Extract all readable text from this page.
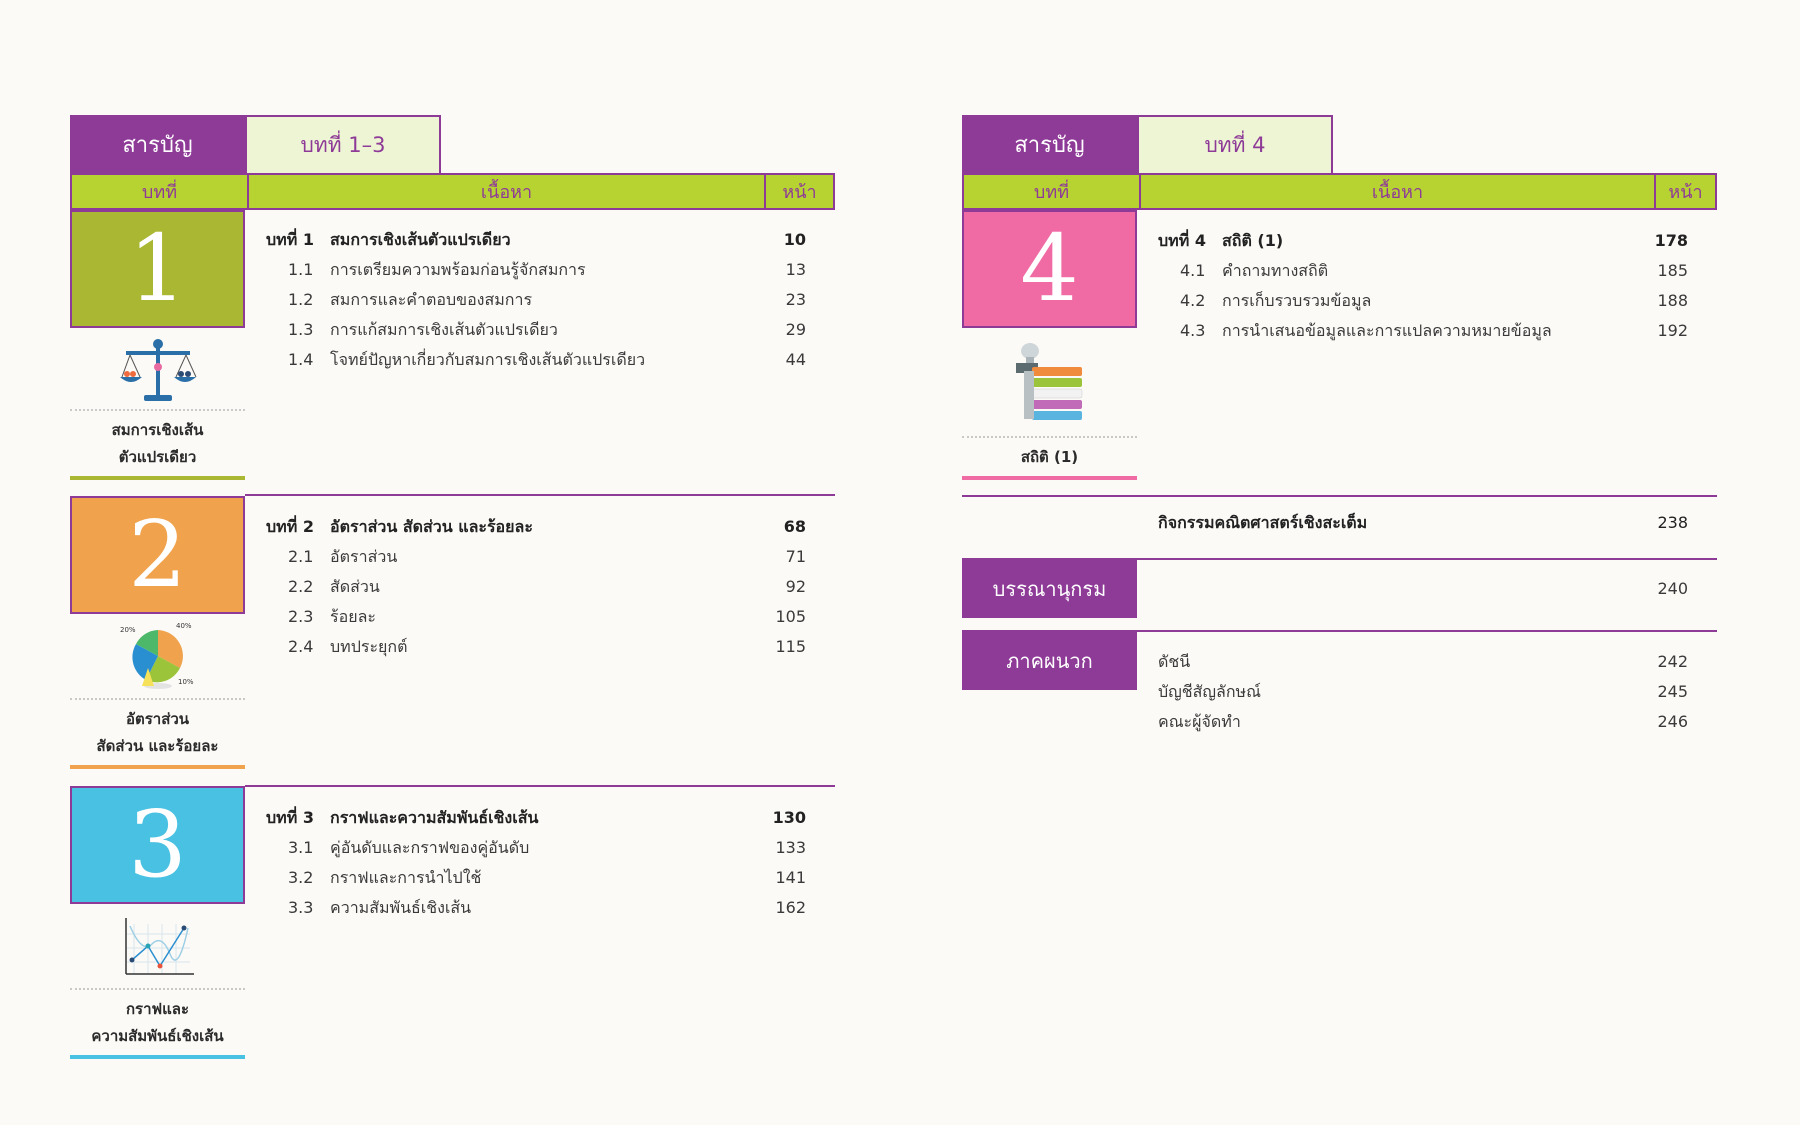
สารบัญ	บทที่ 1–3
บทที่	เนื้อหา	หน้า
1
สมการเชิงเส้น
ตัวแปรเดียว
บทที่ 1 สมการเชิงเส้นตัวแปรเดียว	10
1.1 การเตรียมความพร้อมก่อนรู้จักสมการ	13
1.2 สมการและคำตอบของสมการ	23
1.3 การแก้สมการเชิงเส้นตัวแปรเดียว	29
1.4 โจทย์ปัญหาเกี่ยวกับสมการเชิงเส้นตัวแปรเดียว	44
2
20%	40%
10%
อัตราส่วน
สัดส่วน และร้อยละ
บทที่ 2 อัตราส่วน สัดส่วน และร้อยละ	68
2.1 อัตราส่วน	71
2.2 สัดส่วน	92
2.3 ร้อยละ	105
2.4 บทประยุกต์	115
3
กราฟและ
ความสัมพันธ์เชิงเส้น
บทที่ 3 กราฟและความสัมพันธ์เชิงเส้น	130
3.1 คู่อันดับและกราฟของคู่อันดับ	133
3.2 กราฟและการนำไปใช้	141
3.3 ความสัมพันธ์เชิงเส้น	162
สารบัญ	บทที่ 4
บทที่	เนื้อหา	หน้า
4
สถิติ (1)
บทที่ 4 สถิติ (1)	178
4.1 คำถามทางสถิติ	185
4.2 การเก็บรวบรวมข้อมูล	188
4.3 การนำเสนอข้อมูลและการแปลความหมายข้อมูล	192
กิจกรรมคณิตศาสตร์เชิงสะเต็ม	238
บรรณานุกรม	240
ภาคผนวก	ดัชนี	242
บัญชีสัญลักษณ์	245
คณะผู้จัดทำ	246
